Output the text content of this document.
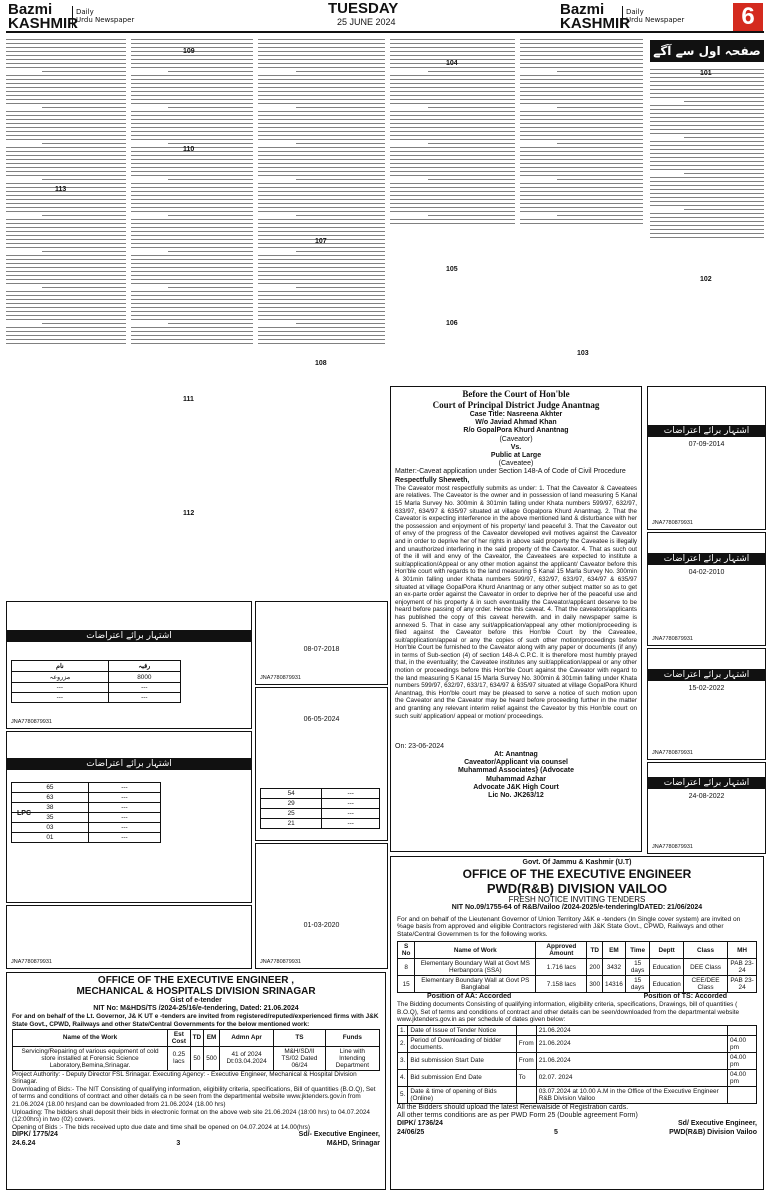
Bazmi
KASHMIR
Daily
Urdu Newspaper
TUESDAY
25 JUNE 2024
Bazmi
KASHMIR
Daily
Urdu Newspaper	6
صفحہ اول سے آگے
101
102
103
104
105
106
107
108
109
110
111
112
113
Before the Court of Hon'ble
Court of Principal District Judge Anantnag
Case Title: Nasreena Akhter
W/o Javiad Ahmad Khan
R/o GopalPora Khurd Anantnag
(Caveator)
Vs.
Public at Large
(Caveatee)
Matter:-Caveat application under Section 148-A of Code of Civil Procedure
Respectfully Sheweth,
The Caveator most respectfully submits as under: 1. That the Caveator & Caveatees are relatives. The Caveator is the owner and in possession of land measuring 5 Kanal 15 Marla Survey No. 300min & 301min falling under Khata numbers 599/97, 632/97, 633/97, 634/97 & 635/97 situated at village Gopalpora Khurd Anantnag. 2. That the Caveator is expecting interference in the above mentioned land & disturbance with her the possession and enjoyment of his property/ land peaceful 3. That the Caveator out of envy of the progress of the Caveator developed evil motives against the Caveator and in order to deprive her of her rights in above said property the Caveatee is illegally and unauthorized interfering in the said property of the Caveator. 4. That as such out of the ill will and envy of the Caveator, the Caveatees are expected to institute a suit/application/Appeal or any other motion against the applicant/ Caveator before this Hon'ble court with regards to the land measuring 5 Kanal 15 Marla Survey No. 300min & 301min falling under Khata numbers 599/97, 632/97, 633/97, 634/97 & 635/97 situated at village GopalPora Khurd Anantnag or any other subject matter so as to get an ex-parte order against the Caveator in order to deprive her of the peaceful use and enjoyment of his property & in such eventuality the Caveator/applicant deserve to be heard before passing of any order. Hence this caveat. 4. That the caveators/applicants has published the copy of this caveat herewith. and in daily newspaper same is annexed 5. That in case any suit/application/appeal any other motion/proceeding is filed against the Caveator before this Hon'ble Court by the Caveatee, suit/application/appeal or any the copies of such other motion/proceedings before Hon'ble Court be furnished to the Caveator along with any paper or documents (if any) in terms of Sub-section (4) of section 148-A C.P.C. It is therefore most humbly prayed that, in the eventuality; the Caveatee institutes any suit/application/appeal or any other motion or proceedings before this Hon'ble Court against the Caveator with regard to the land measuring 5 Kanal 15 Marla Survey No. 300min & 301min falling under Khata numbers 599/97, 632/97, 633/17, 634/97 & 635/97 situated at village GopalPora Khurd Anantnag, this Hon'ble court may be pleased to serve a notice of such motion upon the Caveator and the Caveator may be heard before proceeding further in the matter and granting any relevant interim relief against the Caveator by this Hon'ble court on such suit/ application/ appeal or motion/ proceedings.
On: 23-06-2024
At: Anantnag
Caveator/Applicant via counsel
Muhammad Associates} (Advocate
Muhammad Azhar
Advocate J&K High Court
Lic No. JK263/12
اشتہار برائے اعتراضات
07-09-2014
JNA7780879931
اشتہار برائے اعتراضات
04-02-2010
JNA7780879931
اشتہار برائے اعتراضات
15-02-2022
JNA7780879931
اشتہار برائے اعتراضات
24-08-2022
JNA7780879931
اشتہار برائے اعتراضات
نام	رقبہ
مزروعہ	8000
---	---
---	---
JNA7780879931
اشتہار برائے اعتراضات
65	---
63	---
38	---
35	---
03	---
01	---
LPC
JNA7780879931
08-07-2018
JNA7780879931
06-05-2024
54	---
29	---
25	---
21	---
01-03-2020
JNA7780879931
Govt. Of Jammu & Kashmir (U.T)
OFFICE OF THE EXECUTIVE ENGINEER
PWD(R&B) DIVISION VAILOO
FRESH NOTICE INVITING TENDERS
NIT No.09/1755-64 of R&B/Vailoo /2024-2025/e-tendering/DATED: 21/06/2024
For and on behalf of the Lieutenant Governor of Union Territory J&K e -tenders (In Single cover system) are invited on %age basis from approved and eligible Contractors registered with J&K State Govt., CPWD, Railways and other State/Central Governmen ts for the following works.
S No	Name of Work	Approved Amount	TD	EM	Time	Deptt	Class	MH
8	Elementary Boundary Wall at Govt MS Herbanpora (SSA)	1.716 lacs	200	3432	15 days	Education	DEE Class	PAB 23-24
15	Elementary Boundary Wall at Govt PS Banglabal	7.158 lacs	300	14316	15 days	Education	CEE/DEE Class	PAB 23-24
Position of AA: Accorded	Position of TS: Accorded
The Bidding documents Consisting of qualifying information, eligibility criteria, specifications, Drawings, bill of quantities ( B.O.Q), Set of terms and conditions of contract and other details can be seen/downloaded from the departmental website www.jktenders.gov.in as per schedule of dates given below:
1.	Date of Issue of Tender Notice		21.06.2024	
2.	Period of Downloading of bidder documents.	From	21.06.2024	04.00 pm
3.	Bid submission Start Date	From	21.06.2024	04.00 pm
4.	Bid submission End Date	To	02.07. 2024	04.00 pm
5.	Date & time of opening of Bids (Online)		03.07.2024 at 10.00 A.M in the Office of the Executive Engineer R&B Division Vailoo	
All the Bidders should upload the latest Renewalside of Registration cards.
All other terms conditions are as per PWD Form 25 (Double agreement Form)
DIPK/ 1736/24
24/06/25	5
Sd/ Executive Engineer,
PWD(R&B) Division Vailoo
OFFICE OF THE EXECUTIVE ENGINEER ,
MECHANICAL & HOSPITALS DIVISION SRINAGAR
Gist of e-tender
NIT No: M&HDS/TS /2024-25/16/e-tendering, Dated: 21.06.2024
For and on behalf of the Lt. Governor, J& K UT e -tenders are invited from registered/reputed/experienced firms with J&K State Govt., CPWD, Railways and other State/Central Governments for the below mentioned work:
Name of the Work	Est Cost	TD	EM	Admn Apr	TS	Funds
Servicing/Repairing of various equipment of cold store installed at Forensic Science Laboratory,Bemina,Srinagar.	0.25 lacs	50	500	41 of 2024 Dt:03.04.2024	M&H/SD/II TS/02 Dated 06/24	Line with Intending Department
Project Authority: - Deputy Director FSL Srinagar. Executing Agency: - Executive Engineer, Mechanical & Hospital Division Srinagar.
Downloading of Bids:- The NIT Consisting of qualifying information, eligibility criteria, specifications, Bill of quantities (B.O.Q), Set of terms and conditions of contract and other details ca n be seen from the departmental website www.jktenders.gov.in from 21.06.2024 (18.00 hrs)and can be downloaded from 21.06.2024 (18.00 hrs)
Uploading: The bidders shall deposit their bids in electronic format on the above web site 21.06.2024 (18:00 hrs) to 04.07.2024 (12:00hrs) in two (02) covers.
Opening of Bids :- The bids received upto due date and time shall be opened on 04.07.2024 at 14.00(hrs)
DIPK/ 1775/24
24.6.24	3
Sd/- Executive Engineer,
M&HD, Srinagar
